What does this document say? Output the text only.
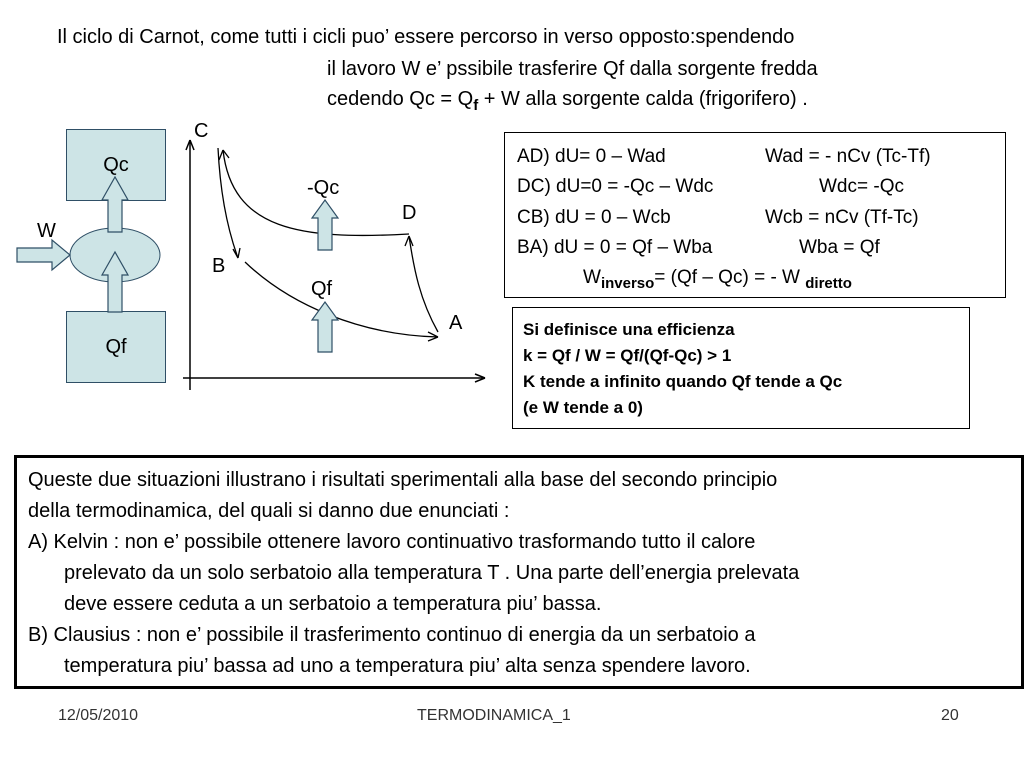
Il ciclo di Carnot, come tutti i cicli puo’ essere percorso in verso opposto:spendendo
il lavoro W e’ pssibile trasferire Qf dalla sorgente fredda
cedendo $Qc = Q_f + W$ alla sorgente calda (frigorifero) .
Qc
Qf
W
C
D
B
A
-Qc
Qf
AD) dU= 0 – Wad	Wad = - nCv (Tc-Tf)
DC) dU=0 = -Qc – Wdc	Wdc= -Qc
CB) dU = 0 – Wcb	Wcb = nCv (Tf-Tc)
BA) dU = 0 = Qf – Wba	Wba = Qf
$W_{inverso}= (Qf - Qc)$ = - W $_{diretto}$
Si definisce una efficienza
k = Qf / W = Qf/(Qf-Qc) > 1
K tende a infinito quando Qf tende a Qc
(e W tende a 0)

Queste due situazioni illustrano i risultati sperimentali alla base del secondo principio

della termodinamica, del quali si danno due enunciati :

A) Kelvin : non e’ possibile ottenere lavoro continuativo trasformando tutto il calore

prelevato da un solo serbatoio alla temperatura T . Una parte dell’energia prelevata

deve essere ceduta a un serbatoio a temperatura piu’ bassa.

B) Clausius : non e’ possibile il trasferimento continuo di energia da un serbatoio a

temperatura piu’ bassa ad uno a temperatura piu’ alta senza spendere lavoro.

12/05/2010	TERMODINAMICA_1	20
